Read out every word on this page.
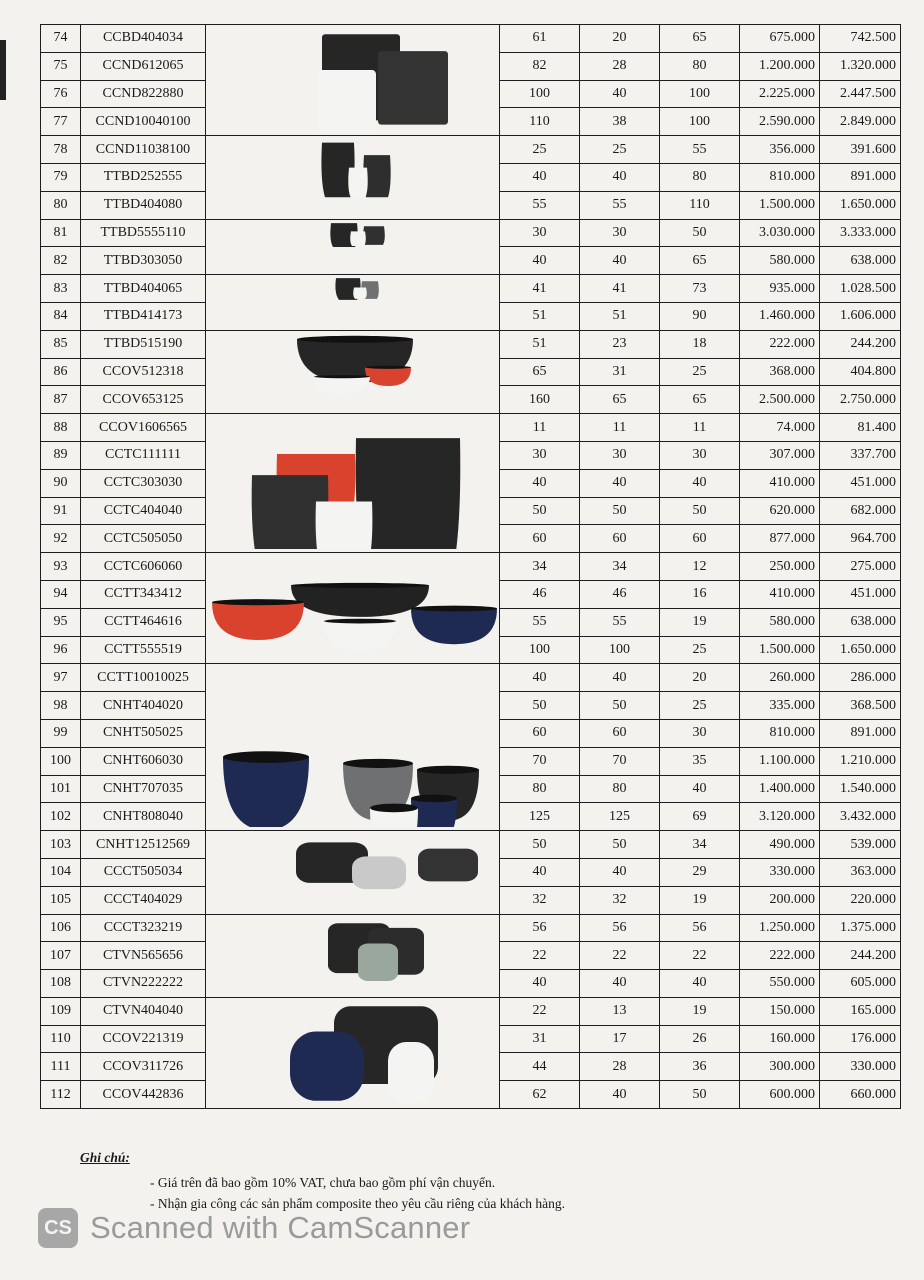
74	CCBD404034		61	20	65	675.000	742.500
75	CCND612065		82	28	80	1.200.000	1.320.000
76	CCND822880		100	40	100	2.225.000	2.447.500
77	CCND10040100		110	38	100	2.590.000	2.849.000
78	CCND11038100		25	25	55	356.000	391.600
79	TTBD252555		40	40	80	810.000	891.000
80	TTBD404080		55	55	110	1.500.000	1.650.000
81	TTBD5555110		30	30	50	3.030.000	3.333.000
82	TTBD303050		40	40	65	580.000	638.000
83	TTBD404065		41	41	73	935.000	1.028.500
84	TTBD414173		51	51	90	1.460.000	1.606.000
85	TTBD515190		51	23	18	222.000	244.200
86	CCOV512318		65	31	25	368.000	404.800
87	CCOV653125		160	65	65	2.500.000	2.750.000
88	CCOV1606565		11	11	11	74.000	81.400
89	CCTC111111		30	30	30	307.000	337.700
90	CCTC303030		40	40	40	410.000	451.000
91	CCTC404040		50	50	50	620.000	682.000
92	CCTC505050		60	60	60	877.000	964.700
93	CCTC606060		34	34	12	250.000	275.000
94	CCTT343412		46	46	16	410.000	451.000
95	CCTT464616		55	55	19	580.000	638.000
96	CCTT555519		100	100	25	1.500.000	1.650.000
97	CCTT10010025		40	40	20	260.000	286.000
98	CNHT404020		50	50	25	335.000	368.500
99	CNHT505025		60	60	30	810.000	891.000
100	CNHT606030		70	70	35	1.100.000	1.210.000
101	CNHT707035		80	80	40	1.400.000	1.540.000
102	CNHT808040		125	125	69	3.120.000	3.432.000
103	CNHT12512569		50	50	34	490.000	539.000
104	CCCT505034		40	40	29	330.000	363.000
105	CCCT404029		32	32	19	200.000	220.000
106	CCCT323219		56	56	56	1.250.000	1.375.000
107	CTVN565656		22	22	22	222.000	244.200
108	CTVN222222		40	40	40	550.000	605.000
109	CTVN404040		22	13	19	150.000	165.000
110	CCOV221319		31	17	26	160.000	176.000
111	CCOV311726		44	28	36	300.000	330.000
112	CCOV442836		62	40	50	600.000	660.000
Ghi chú:
- Giá trên đã bao gồm 10% VAT, chưa bao gồm phí vận chuyển.
- Nhận gia công các sản phẩm composite theo yêu cầu riêng của khách hàng.
CS Scanned with CamScanner
